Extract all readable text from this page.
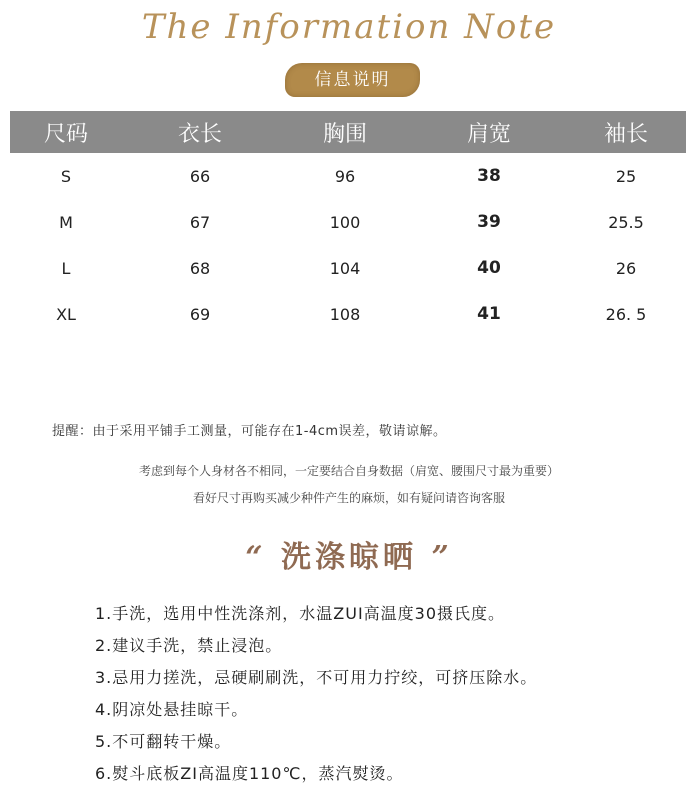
The Information Note
信息说明
尺码	衣长	胸围	肩宽	袖长
S	66	96	38	25
M	67	100	39	25.5
L	68	104	40	26
XL	69	108	41	26. 5
提醒：由于采用平铺手工测量，可能存在1-4cm误差，敬请谅解。
考虑到每个人身材各不相同，一定要结合自身数据（肩宽、腰围尺寸最为重要）
看好尺寸再购买减少种件产生的麻烦，如有疑问请咨询客服
“ 洗涤晾晒 ”
1.手洗，选用中性洗涤剂，水温ZUI高温度30摄氏度。
2.建议手洗，禁止浸泡。
3.忌用力搓洗，忌硬刷刷洗，不可用力拧绞，可挤压除水。
4.阴凉处悬挂晾干。
5.不可翻转干燥。
6.熨斗底板ZI高温度110℃，蒸汽熨烫。
